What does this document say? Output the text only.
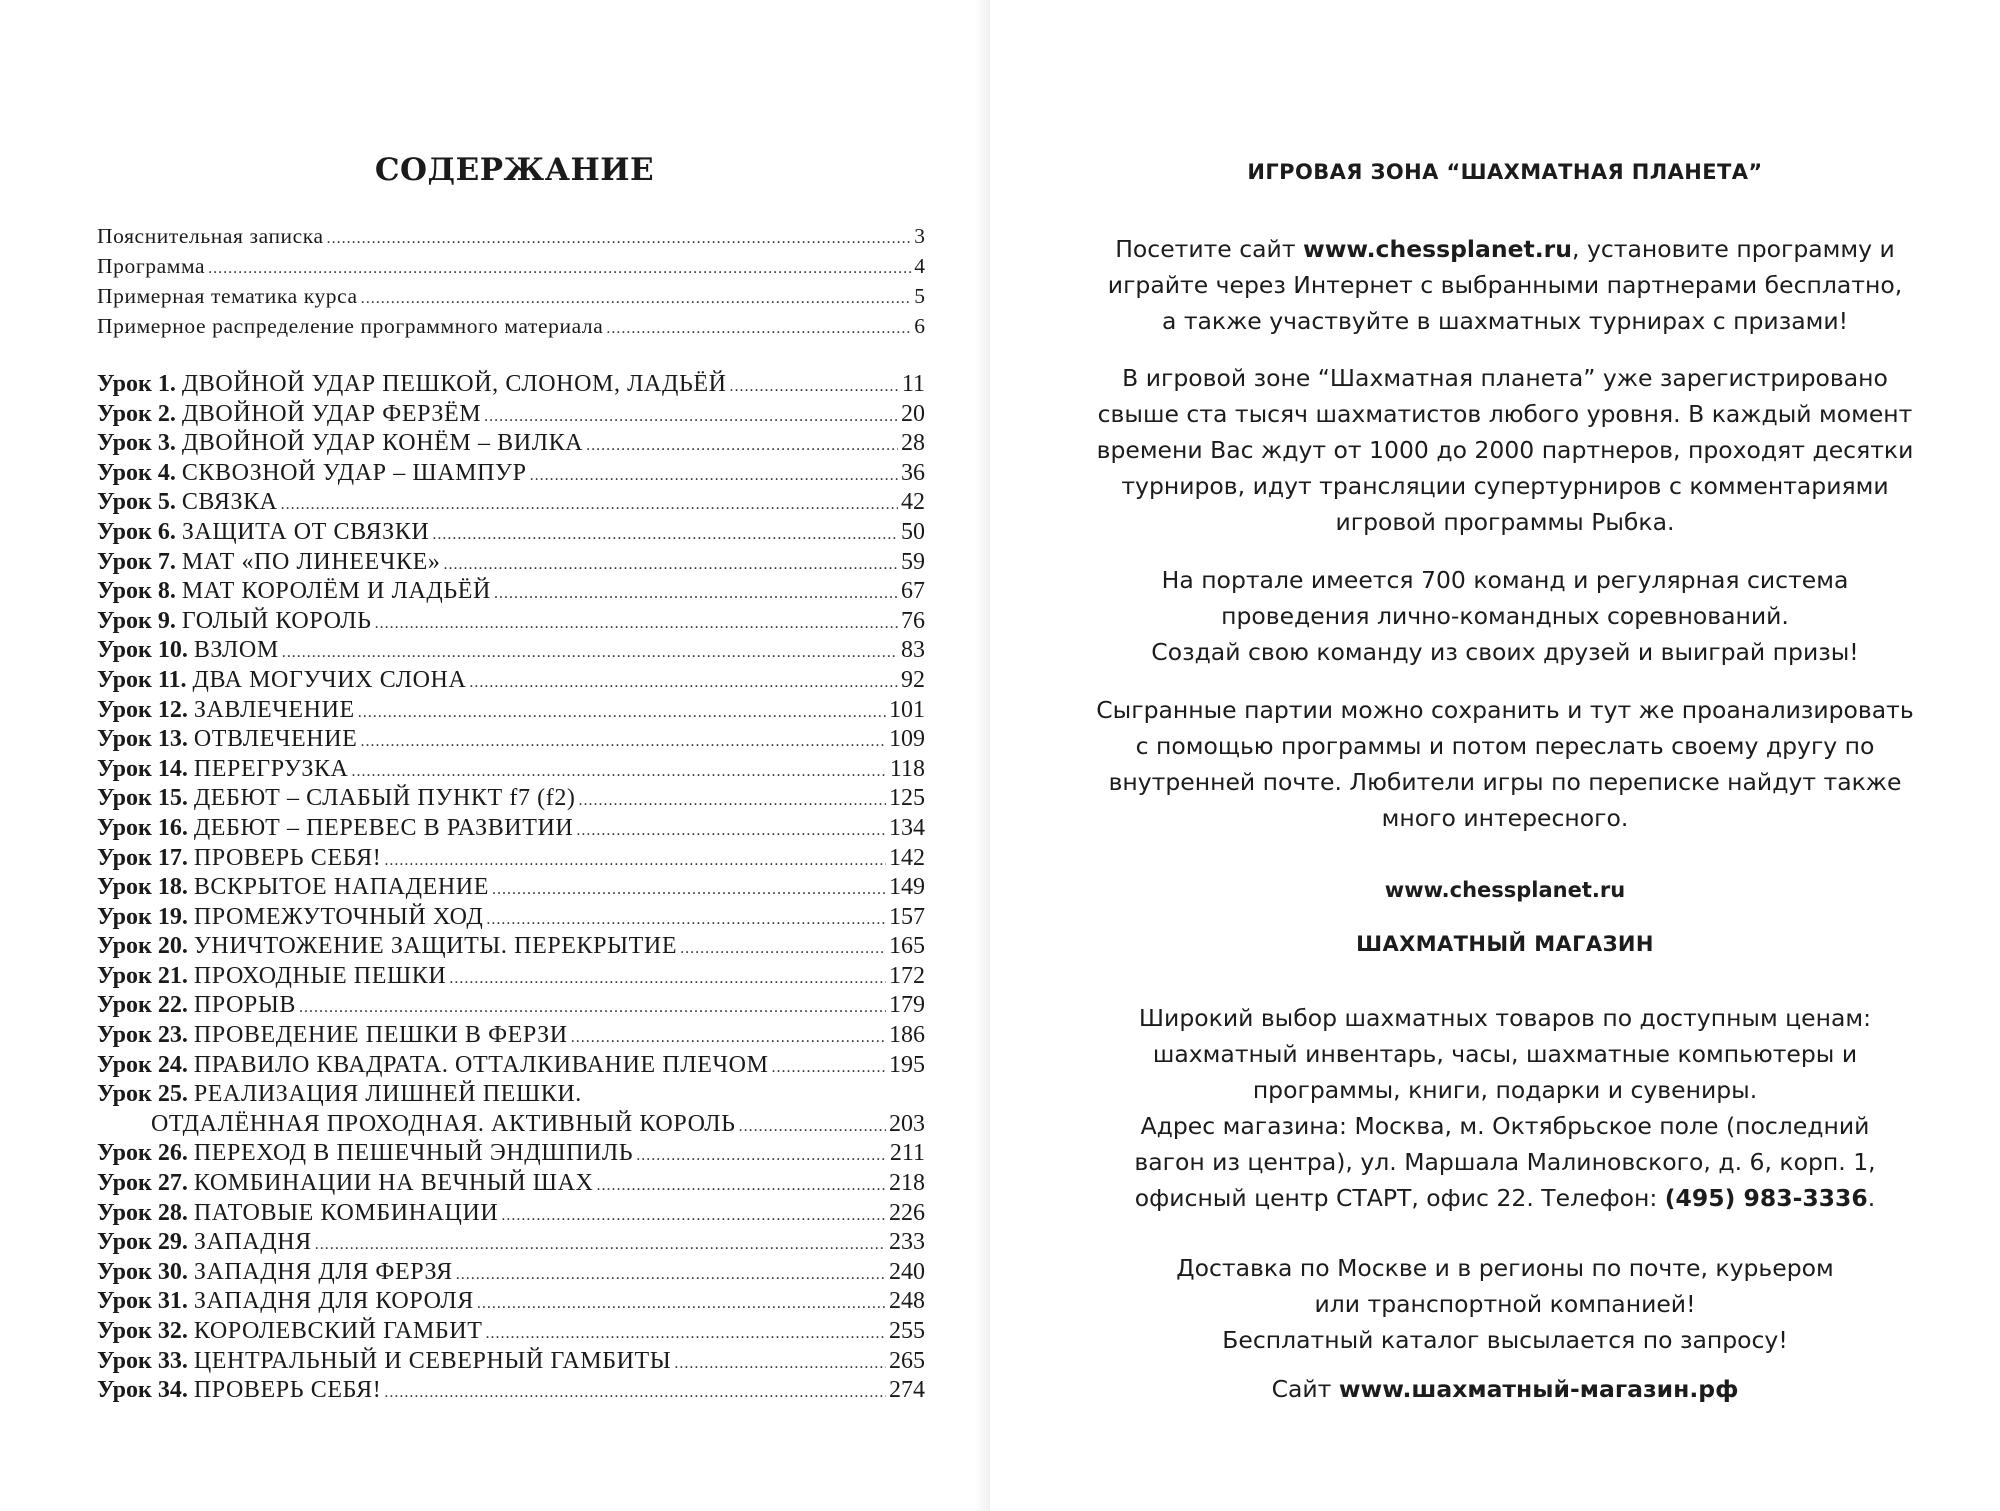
СОДЕРЖАНИЕ
Пояснительная записка .....	3
Программа .....	4
Примерная тематика курса .....	5
Примерное распределение программного материала .....	6
Урок 1. ДВОЙНОЙ УДАР ПЕШКОЙ, СЛОНОМ, ЛАДЬЁЙ .....	11
Урок 2. ДВОЙНОЙ УДАР ФЕРЗЁМ .....	20
Урок 3. ДВОЙНОЙ УДАР КОНЁМ – ВИЛКА .....	28
Урок 4. СКВОЗНОЙ УДАР – ШАМПУР .....	36
Урок 5. СВЯЗКА .....	42
Урок 6. ЗАЩИТА ОТ СВЯЗКИ .....	50
Урок 7. МАТ «ПО ЛИНЕЕЧКЕ» .....	59
Урок 8. МАТ КОРОЛЁМ И ЛАДЬЁЙ .....	67
Урок 9. ГОЛЫЙ КОРОЛЬ .....	76
Урок 10. ВЗЛОМ .....	83
Урок 11. ДВА МОГУЧИХ СЛОНА .....	92
Урок 12. ЗАВЛЕЧЕНИЕ .....	101
Урок 13. ОТВЛЕЧЕНИЕ .....	109
Урок 14. ПЕРЕГРУЗКА .....	118
Урок 15. ДЕБЮТ – СЛАБЫЙ ПУНКТ f7 (f2) .....	125
Урок 16. ДЕБЮТ – ПЕРЕВЕС В РАЗВИТИИ .....	134
Урок 17. ПРОВЕРЬ СЕБЯ! .....	142
Урок 18. ВСКРЫТОЕ НАПАДЕНИЕ .....	149
Урок 19. ПРОМЕЖУТОЧНЫЙ ХОД .....	157
Урок 20. УНИЧТОЖЕНИЕ ЗАЩИТЫ. ПЕРЕКРЫТИЕ .....	165
Урок 21. ПРОХОДНЫЕ ПЕШКИ .....	172
Урок 22. ПРОРЫВ .....	179
Урок 23. ПРОВЕДЕНИЕ ПЕШКИ В ФЕРЗИ .....	186
Урок 24. ПРАВИЛО КВАДРАТА. ОТТАЛКИВАНИЕ ПЛЕЧОМ .....	195
Урок 25. РЕАЛИЗАЦИЯ ЛИШНЕЙ ПЕШКИ.
ОТДАЛЁННАЯ ПРОХОДНАЯ. АКТИВНЫЙ КОРОЛЬ .....	203
Урок 26. ПЕРЕХОД В ПЕШЕЧНЫЙ ЭНДШПИЛЬ .....	211
Урок 27. КОМБИНАЦИИ НА ВЕЧНЫЙ ШАХ .....	218
Урок 28. ПАТОВЫЕ КОМБИНАЦИИ .....	226
Урок 29. ЗАПАДНЯ .....	233
Урок 30. ЗАПАДНЯ ДЛЯ ФЕРЗЯ .....	240
Урок 31. ЗАПАДНЯ ДЛЯ КОРОЛЯ .....	248
Урок 32. КОРОЛЕВСКИЙ ГАМБИТ .....	255
Урок 33. ЦЕНТРАЛЬНЫЙ И СЕВЕРНЫЙ ГАМБИТЫ .....	265
Урок 34. ПРОВЕРЬ СЕБЯ! .....	274

ИГРОВАЯ ЗОНА “ШАХМАТНАЯ ПЛАНЕТА”

Посетите сайт www.chessplanet.ru, установите программу и
играйте через Интернет с выбранными партнерами бесплатно,
а также участвуйте в шахматных турнирах с призами!

В игровой зоне “Шахматная планета” уже зарегистрировано
свыше ста тысяч шахматистов любого уровня. В каждый момент
времени Вас ждут от 1000 до 2000 партнеров, проходят десятки
турниров, идут трансляции супертурниров с комментариями
игровой программы Рыбка.

На портале имеется 700 команд и регулярная система
проведения лично-командных соревнований.
Создай свою команду из своих друзей и выиграй призы!

Сыгранные партии можно сохранить и тут же проанализировать
с помощью программы и потом переслать своему другу по
внутренней почте. Любители игры по переписке найдут также
много интересного.

www.chessplanet.ru

ШАХМАТНЫЙ МАГАЗИН

Широкий выбор шахматных товаров по доступным ценам:
шахматный инвентарь, часы, шахматные компьютеры и
программы, книги, подарки и сувениры.
Адрес магазина: Москва, м. Октябрьское поле (последний
вагон из центра), ул. Маршала Малиновского, д. 6, корп. 1,
офисный центр СТАРТ, офис 22. Телефон: (495) 983-3336.

Доставка по Москве и в регионы по почте, курьером
или транспортной компанией!
Бесплатный каталог высылается по запросу!

Сайт www.шахматный-магазин.рф
